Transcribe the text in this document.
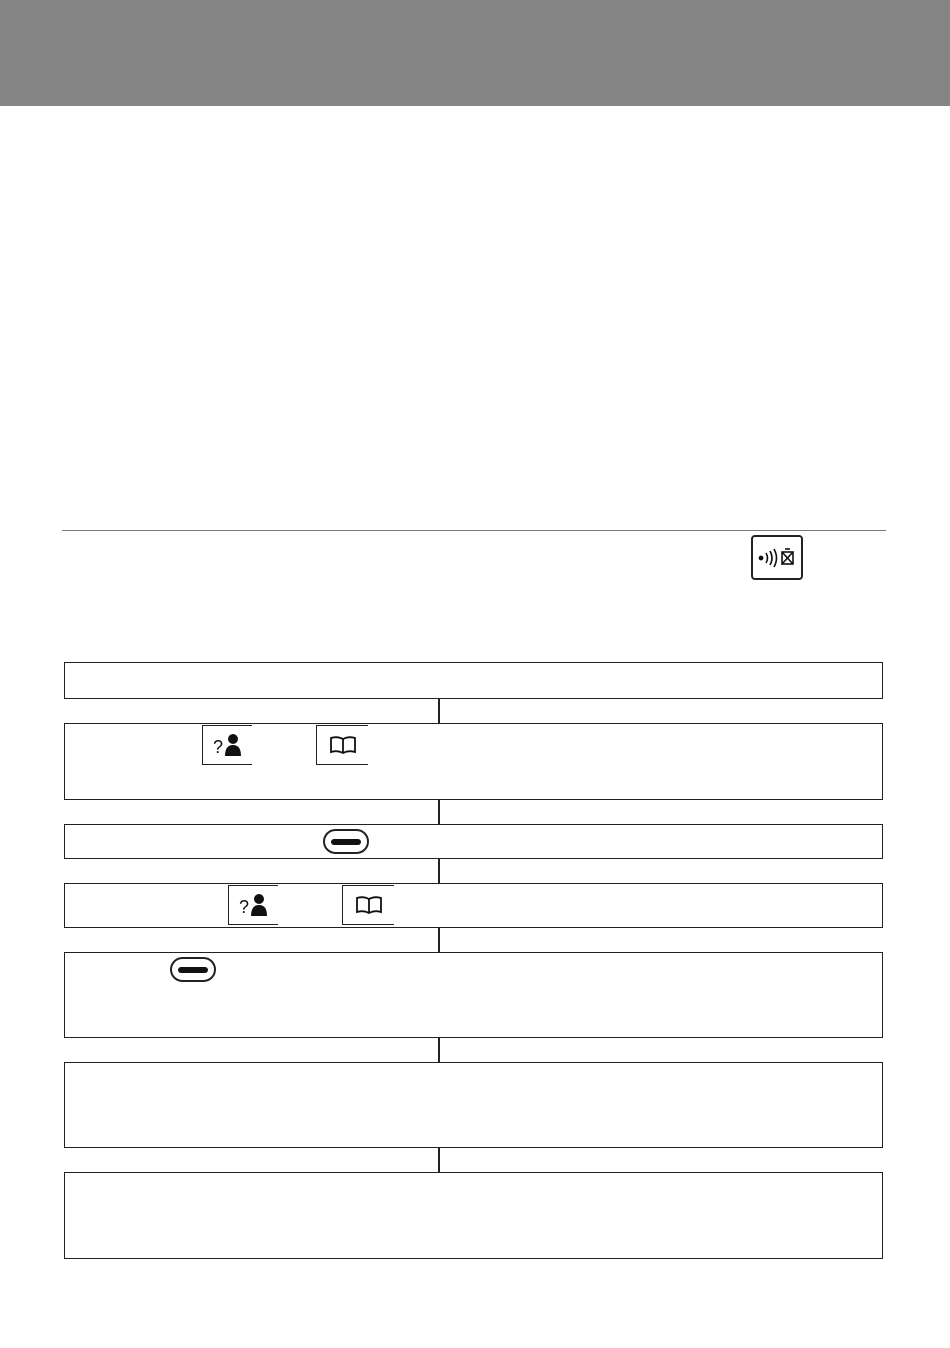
?
?
